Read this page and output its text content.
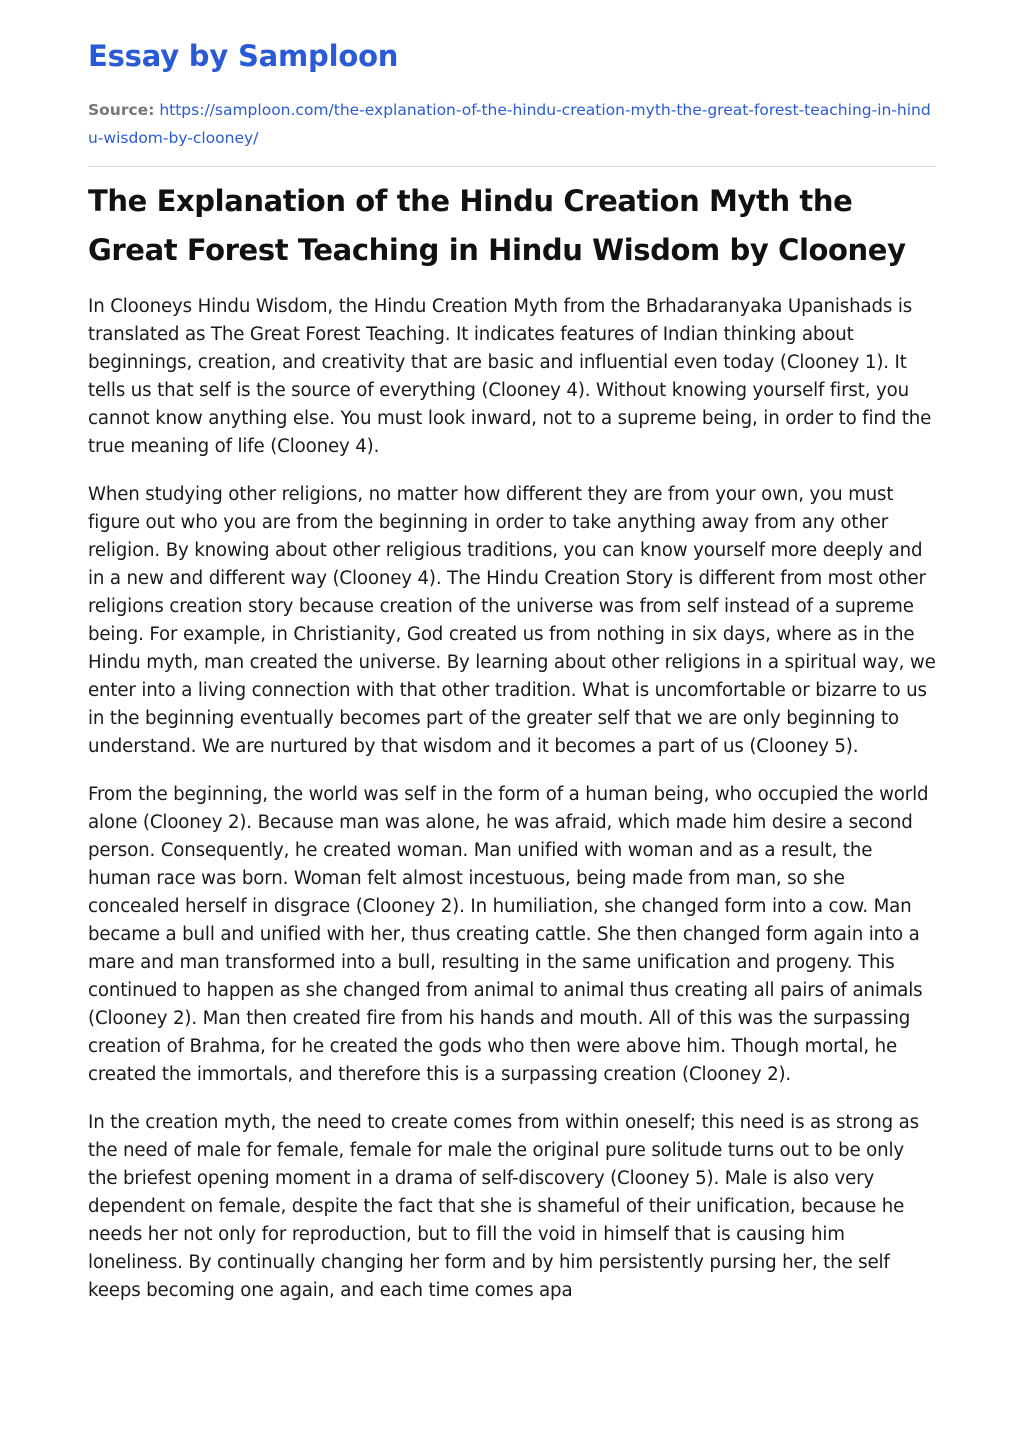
Essay by Samploon

Source: https://samploon.com/the-explanation-of-the-hindu-creation-myth-the-great-forest-teaching-in-hindu-wisdom-by-clooney/

The Explanation of the Hindu Creation Myth the Great Forest Teaching in Hindu Wisdom by Clooney

In Clooneys Hindu Wisdom, the Hindu Creation Myth from the Brhadaranyaka Upanishads is translated as The Great Forest Teaching. It indicates features of Indian thinking about beginnings, creation, and creativity that are basic and influential even today (Clooney 1). It tells us that self is the source of everything (Clooney 4). Without knowing yourself first, you cannot know anything else. You must look inward, not to a supreme being, in order to find the true meaning of life (Clooney 4).

When studying other religions, no matter how different they are from your own, you must figure out who you are from the beginning in order to take anything away from any other religion. By knowing about other religious traditions, you can know yourself more deeply and in a new and different way (Clooney 4). The Hindu Creation Story is different from most other religions creation story because creation of the universe was from self instead of a supreme being. For example, in Christianity, God created us from nothing in six days, where as in the Hindu myth, man created the universe. By learning about other religions in a spiritual way, we enter into a living connection with that other tradition. What is uncomfortable or bizarre to us in the beginning eventually becomes part of the greater self that we are only beginning to understand. We are nurtured by that wisdom and it becomes a part of us (Clooney 5).

From the beginning, the world was self in the form of a human being, who occupied the world alone (Clooney 2). Because man was alone, he was afraid, which made him desire a second person. Consequently, he created woman. Man unified with woman and as a result, the human race was born. Woman felt almost incestuous, being made from man, so she concealed herself in disgrace (Clooney 2). In humiliation, she changed form into a cow. Man became a bull and unified with her, thus creating cattle. She then changed form again into a mare and man transformed into a bull, resulting in the same unification and progeny. This continued to happen as she changed from animal to animal thus creating all pairs of animals (Clooney 2). Man then created fire from his hands and mouth. All of this was the surpassing creation of Brahma, for he created the gods who then were above him. Though mortal, he created the immortals, and therefore this is a surpassing creation (Clooney 2).

In the creation myth, the need to create comes from within oneself; this need is as strong as the need of male for female, female for male the original pure solitude turns out to be only the briefest opening moment in a drama of self-discovery (Clooney 5). Male is also very dependent on female, despite the fact that she is shameful of their unification, because he needs her not only for reproduction, but to fill the void in himself that is causing him loneliness. By continually changing her form and by him persistently pursing her, the self keeps becoming one again, and each time comes apa
